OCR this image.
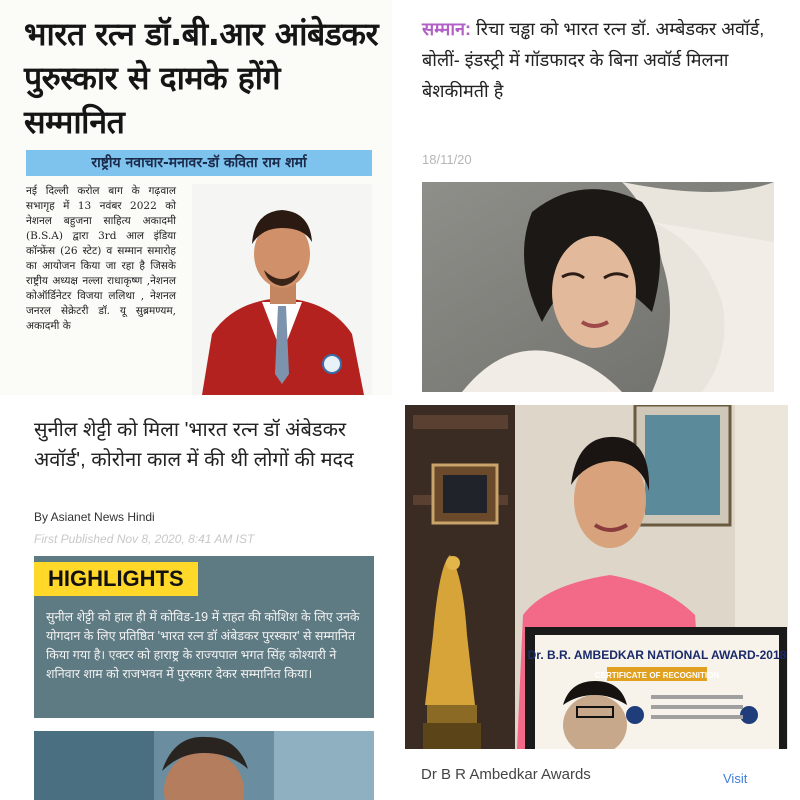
भारत रत्न डॉ.बी.आर आंबेडकर पुरुस्कार से दामके होंगे सम्मानित
राष्ट्रीय नवाचार-मनावर-डॉ कविता राम शर्मा
नई दिल्ली करोल बाग के गढ़वाल सभागृह में 13 नवंबर 2022 को नेशनल बहुजना साहित्य अकादमी (B.S.A) द्वारा 3rd आल इंडिया कॉन्फ्रेंस (26 स्टेट) व सम्मान समारोह का आयोजन किया जा रहा है जिसके राष्ट्रीय अध्यक्ष नल्ला राधाकृष्ण ,नेशनल कोऑर्डिनेटर विजया ललिथा , नेशनल जनरल सेक्रेटरी डॉ. यू सुब्रमण्यम, अकादमी के
सम्मान: रिचा चड्ढा को भारत रत्न डॉ. अम्बेडकर अवॉर्ड, बोलीं- इंडस्ट्री में गॉडफादर के बिना अवॉर्ड मिलना बेशकीमती है
18/11/20
सुनील शेट्टी को मिला 'भारत रत्न डॉ अंबेडकर अवॉर्ड', कोरोना काल में की थी लोगों की मदद
By Asianet News Hindi
First Published Nov 8, 2020, 8:41 AM IST
HIGHLIGHTS
सुनील शेट्टी को हाल ही में कोविड-19 में राहत की कोशिश के लिए उनके योगदान के लिए प्रतिष्ठित 'भारत रत्न डॉ अंबेडकर पुरस्कार' से सम्मानित किया गया है। एक्टर को हाराष्ट्र के राज्यपाल भगत सिंह कोश्यारी ने शनिवार शाम को राजभवन में पुरस्कार देकर सम्मानित किया।
Dr. B.R. AMBEDKAR NATIONAL AWARD-2018
CERTIFICATE OF RECOGNITION
Dr B R Ambedkar Awards	Visit
